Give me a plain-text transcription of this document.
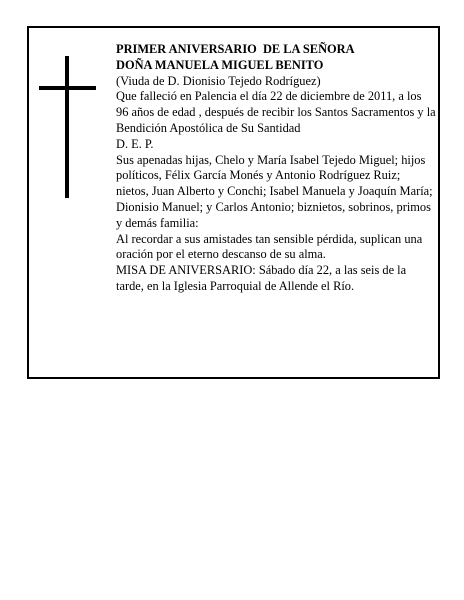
PRIMER ANIVERSARIO  DE LA SEÑORA

DOÑA MANUELA MIGUEL BENITO

(Viuda de D. Dionisio Tejedo Rodríguez)

Que falleció en Palencia el día 22 de diciembre de 2011, a los 96 años de edad , después de recibir los Santos Sacramentos y la Bendición Apostólica de Su Santidad

D. E. P.

Sus apenadas hijas, Chelo y María Isabel Tejedo Miguel; hijos políticos, Félix García Monés y Antonio Rodríguez Ruiz; nietos, Juan Alberto y Conchi; Isabel Manuela y Joaquín María; Dionisio Manuel; y Carlos Antonio; biznietos, sobrinos, primos y demás familia:

Al recordar a sus amistades tan sensible pérdida, suplican una oración por el eterno descanso de su alma.

MISA DE ANIVERSARIO: Sábado día 22, a las seis de la tarde, en la Iglesia Parroquial de Allende el Río.
